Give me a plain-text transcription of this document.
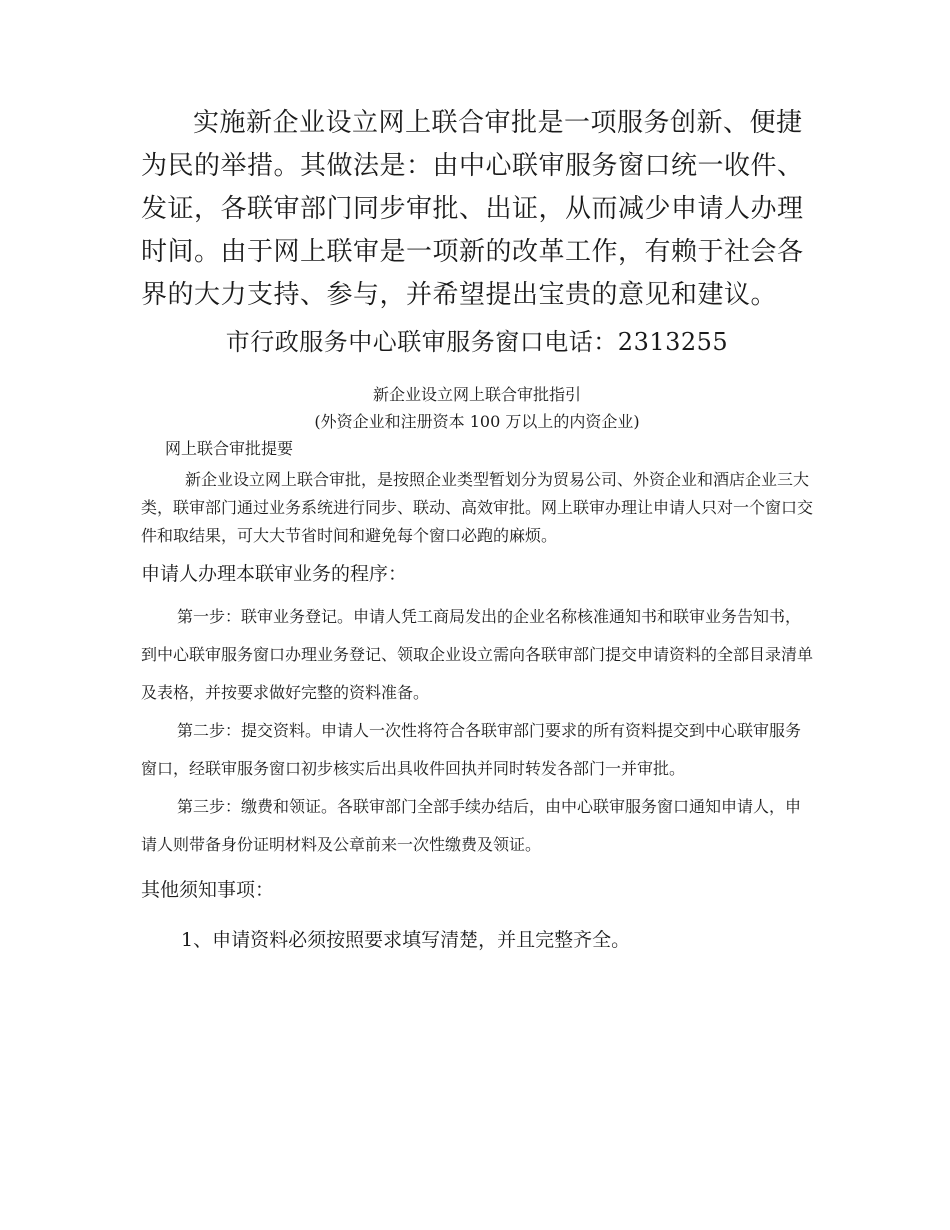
实施新企业设立网上联合审批是一项服务创新、便捷为民的举措。其做法是：由中心联审服务窗口统一收件、发证，各联审部门同步审批、出证，从而减少申请人办理时间。由于网上联审是一项新的改革工作，有赖于社会各界的大力支持、参与，并希望提出宝贵的意见和建议。

市行政服务中心联审服务窗口电话：2313255

新企业设立网上联合审批指引

(外资企业和注册资本 100 万以上的内资企业)

网上联合审批提要

新企业设立网上联合审批，是按照企业类型暂划分为贸易公司、外资企业和酒店企业三大类，联审部门通过业务系统进行同步、联动、高效审批。网上联审办理让申请人只对一个窗口交件和取结果，可大大节省时间和避免每个窗口必跑的麻烦。

申请人办理本联审业务的程序：

第一步：联审业务登记。申请人凭工商局发出的企业名称核准通知书和联审业务告知书，到中心联审服务窗口办理业务登记、领取企业设立需向各联审部门提交申请资料的全部目录清单及表格，并按要求做好完整的资料准备。

第二步：提交资料。申请人一次性将符合各联审部门要求的所有资料提交到中心联审服务窗口，经联审服务窗口初步核实后出具收件回执并同时转发各部门一并审批。

第三步：缴费和领证。各联审部门全部手续办结后，由中心联审服务窗口通知申请人，申请人则带备身份证明材料及公章前来一次性缴费及领证。

其他须知事项：

1、申请资料必须按照要求填写清楚，并且完整齐全。
